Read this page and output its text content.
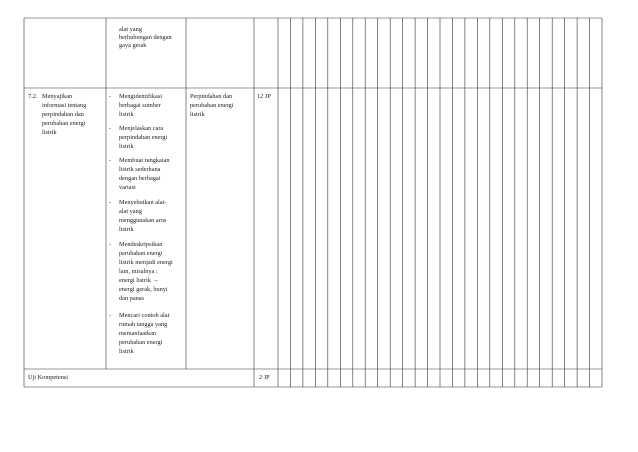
alat yang
berhubungan dengan
gaya gerak
7.2. Menyajikan
informasi tentang
perpindahan dan
perubahan energi
listrik
- Mengidentifikasi
berbagai sumber
listrik
- Menjelaskan cara
perpindahan energi
listrik
- Membuat rangkaian
listrik sederhana
dengan berbagai
variasi
- Menyebutkan alat-
alat yang
menggunakan arus
listrik
- Mendeskripsikan
perubahan energi
listrik menjadi energi
lain, misalnya :
energi listrik →
energi gerak, bunyi
dan panas
- Mencari contoh alat
rumah tangga yang
memanfaatkan
perubahan energi
listrik
Perpindahan dan
perubahan energi
listrik
12 JP
Uji Kompetensi	2 JP
